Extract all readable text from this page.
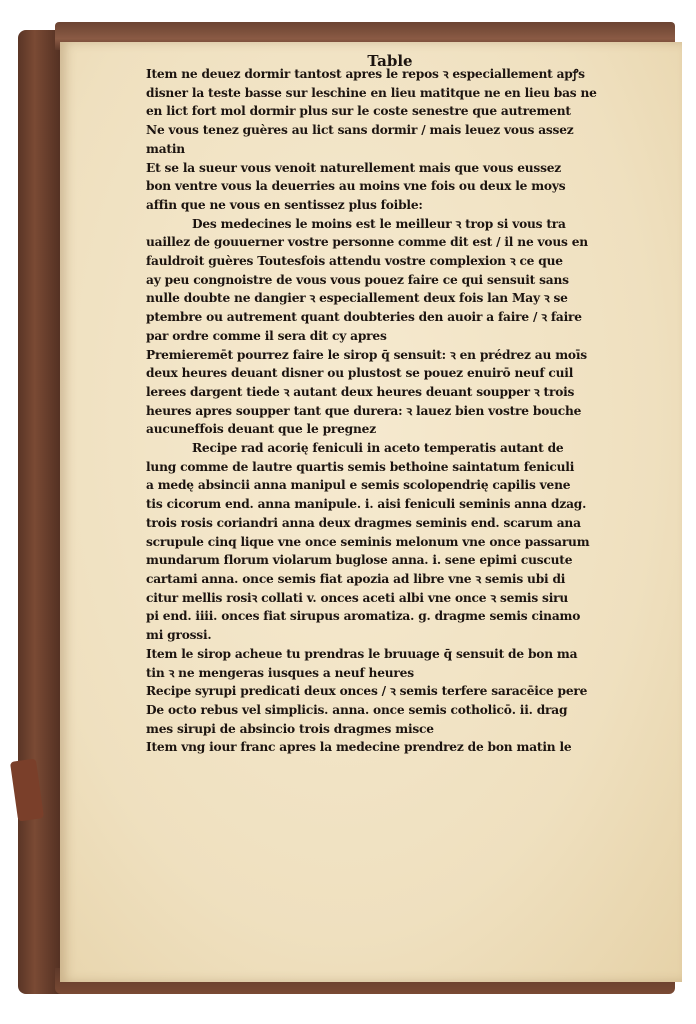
Table
Item ne deuez dormir tantost apres le repos ꝛ especiallement apꝭs
disner la teste basse sur leschine en lieu matitque ne en lieu bas ne
en lict fort mol dormir plus sur le coste senestre que autrement
Ne vous tenez guères au lict sans dormir / mais leuez vous assez
matin
Et se la sueur vous venoit naturellement mais que vous eussez
bon ventre vous la deuerries au moins vne fois ou deux le moys
affin que ne vous en sentissez plus foible:
Des medecines le moins est le meilleur ꝛ trop si vous tra
uaillez de gouuerner vostre personne comme dit est / il ne vous en
fauldroit guères Toutesfois attendu vostre complexion ꝛ ce que
ay peu congnoistre de vous vous pouez faire ce qui sensuit sans
nulle doubte ne dangier ꝛ especiallement deux fois lan May ꝛ se
ptembre ou autrement quant doubteries den auoir a faire / ꝛ faire
par ordre comme il sera dit cy apres
Premieremēt pourrez faire le sirop q̄ sensuit: ꝛ en prédrez au moīs
deux heures deuant disner ou plustost se pouez enuirō neuf cuil
lerees dargent tiede ꝛ autant deux heures deuant soupper ꝛ trois
heures apres soupper tant que durera: ꝛ lauez bien vostre bouche
aucuneffois deuant que le pregnez
Recipe rad acorię feniculi in aceto temperatis autant de
lung comme de lautre quartis semis bethoine saintatum feniculi
a medę absincii anna manipul e semis scolopendrię capilis vene
tis cicorum end. anna manipule. i. aisi feniculi seminis anna dzag.
trois rosis coriandri anna deux dragmes seminis end. scarum ana
scrupule cinq lique vne once seminis melonum vne once passarum
mundarum florum violarum buglose anna. i. sene epimi cuscute
cartami anna. once semis fiat apozia ad libre vne ꝛ semis ubi di
citur mellis rosiꝛ collati v. onces aceti albi vne once ꝛ semis siru
pi end. iiii. onces fiat sirupus aromatiza. g. dragme semis cinamo
mi grossi.
Item le sirop acheue tu prendras le bruuage q̄ sensuit de bon ma
tin ꝛ ne mengeras iusques a neuf heures
Recipe syrupi predicati deux onces / ꝛ semis terfere saracēice pere
De octo rebus vel simplicis. anna. once semis cotholicō. ii. drag
mes sirupi de absincio trois dragmes misce
Item vng iour franc apres la medecine prendrez de bon matin le
